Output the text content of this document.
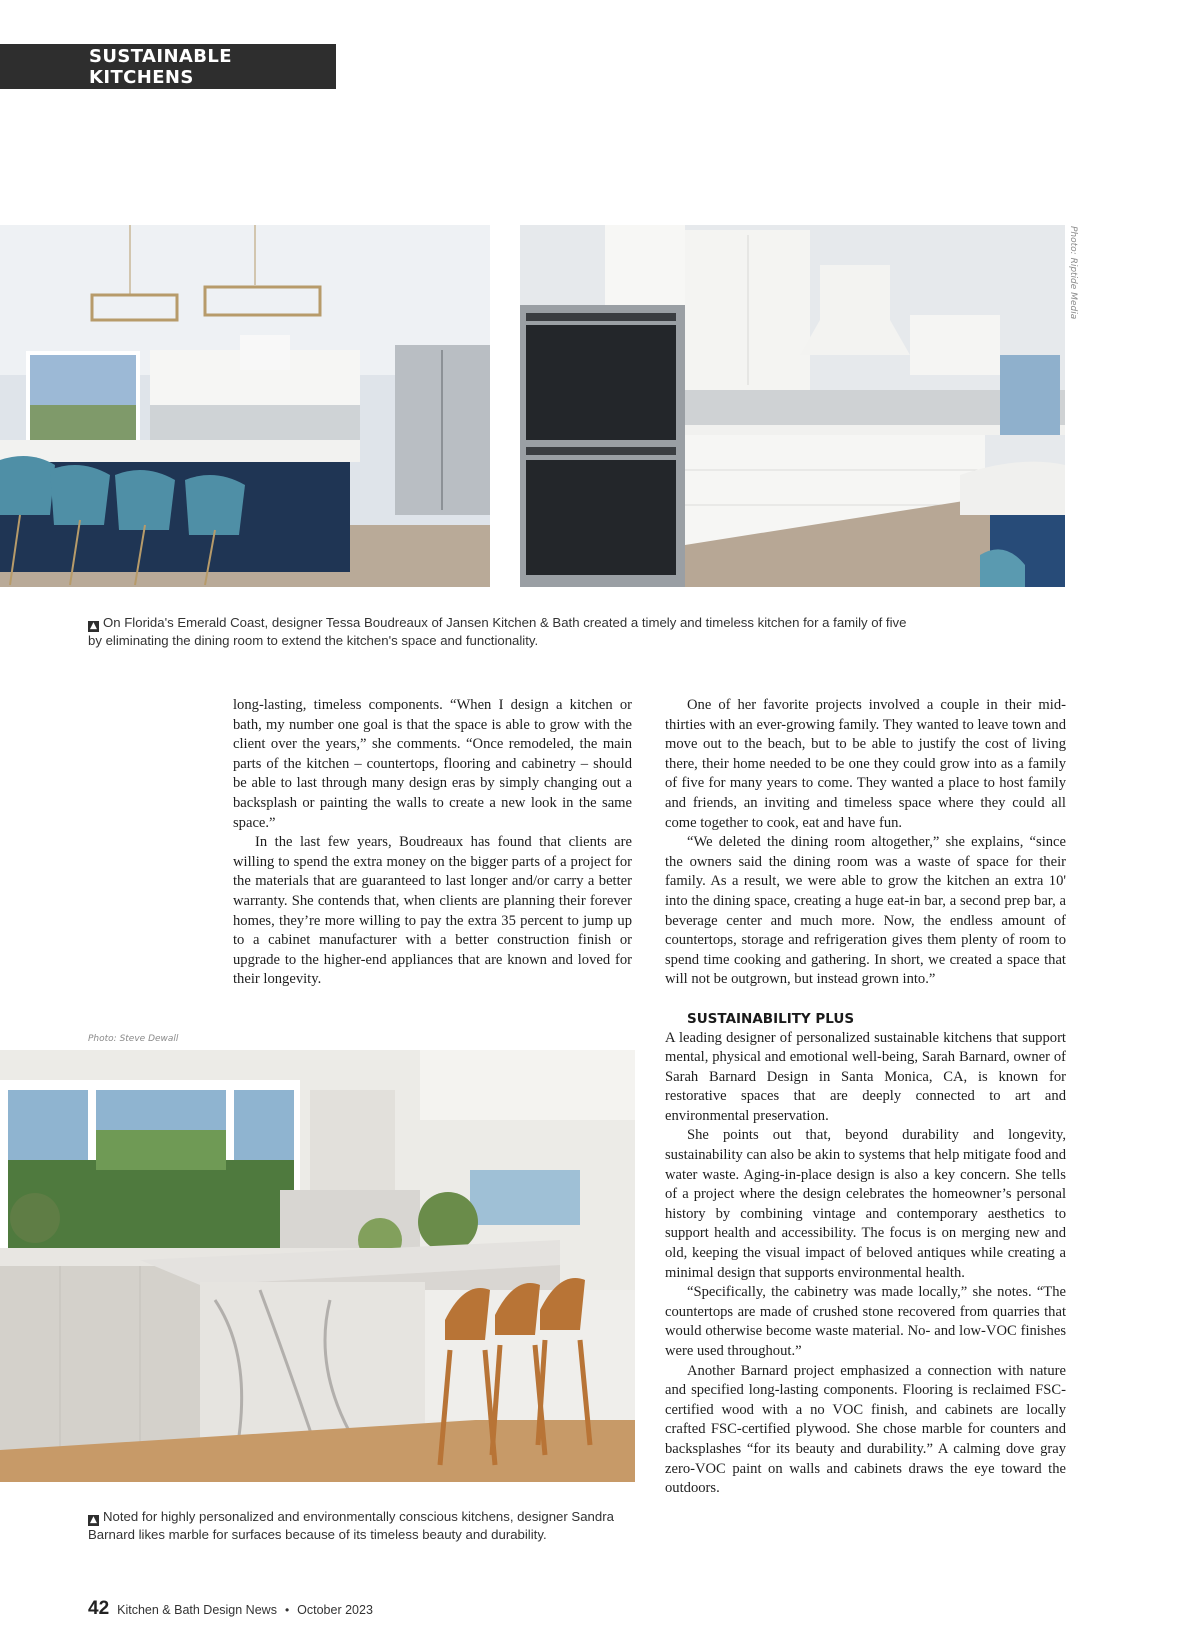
SUSTAINABLE KITCHENS
Photo: Riptide Media
▲ On Florida's Emerald Coast, designer Tessa Boudreaux of Jansen Kitchen & Bath created a timely and timeless kitchen for a family of five by eliminating the dining room to extend the kitchen's space and functionality.

long-lasting, timeless components. “When I design a kitchen or bath, my number one goal is that the space is able to grow with the client over the years,” she comments. “Once remodeled, the main parts of the kitchen – countertops, flooring and cabinetry – should be able to last through many design eras by simply changing out a backsplash or painting the walls to create a new look in the same space.”

In the last few years, Boudreaux has found that clients are willing to spend the extra money on the bigger parts of a project for the materials that are guaranteed to last longer and/or carry a better warranty. She contends that, when clients are planning their forever homes, they’re more willing to pay the extra 35 percent to jump up to a cabinet manufacturer with a better construction finish or upgrade to the higher-end appliances that are known and loved for their longevity.

One of her favorite projects involved a couple in their mid-thirties with an ever-growing family. They wanted to leave town and move out to the beach, but to be able to justify the cost of living there, their home needed to be one they could grow into as a family of five for many years to come. They wanted a place to host family and friends, an inviting and timeless space where they could all come together to cook, eat and have fun.

“We deleted the dining room altogether,” she explains, “since the owners said the dining room was a waste of space for their family. As a result, we were able to grow the kitchen an extra 10' into the dining space, creating a huge eat-in bar, a second prep bar, a beverage center and much more. Now, the endless amount of countertops, storage and refrigeration gives them plenty of room to spend time cooking and gathering. In short, we created a space that will not be outgrown, but instead grown into.”

SUSTAINABILITY PLUS

A leading designer of personalized sustainable kitchens that support mental, physical and emotional well-being, Sarah Barnard, owner of Sarah Barnard Design in Santa Monica, CA, is known for restorative spaces that are deeply connected to art and environmental preservation.

She points out that, beyond durability and longevity, sustainability can also be akin to systems that help mitigate food and water waste. Aging-in-place design is also a key concern. She tells of a project where the design celebrates the homeowner’s personal history by combining vintage and contemporary aesthetics to support health and accessibility. The focus is on merging new and old, keeping the visual impact of beloved antiques while creating a minimal design that supports environmental health.

“Specifically, the cabinetry was made locally,” she notes. “The countertops are made of crushed stone recovered from quarries that would otherwise become waste material. No- and low-VOC finishes were used throughout.”

Another Barnard project emphasized a connection with nature and specified long-lasting components. Flooring is reclaimed FSC-certified wood with a no VOC finish, and cabinets are locally crafted FSC-certified plywood. She chose marble for counters and backsplashes “for its beauty and durability.” A calming dove gray zero-VOC paint on walls and cabinets draws the eye toward the outdoors.

Photo: Steve Dewall
▲ Noted for highly personalized and environmentally conscious kitchens, designer Sandra Barnard likes marble for surfaces because of its timeless beauty and durability.
42 Kitchen & Bath Design News • October 2023
